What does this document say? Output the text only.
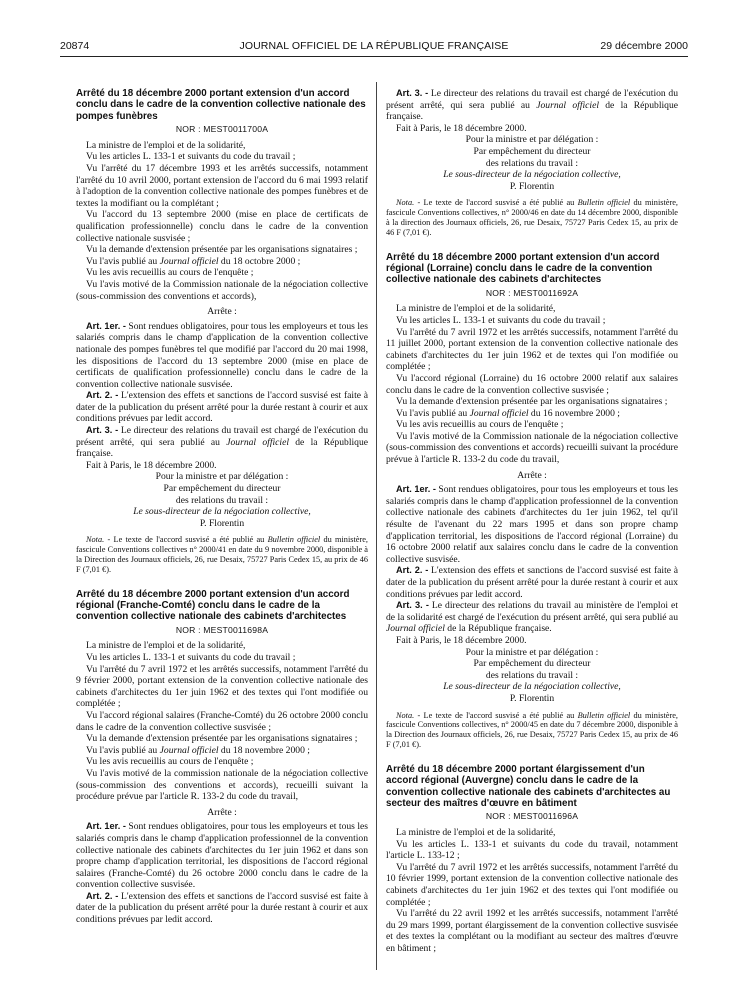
20874	JOURNAL OFFICIEL DE LA RÉPUBLIQUE FRANÇAISE	29 décembre 2000

Arrêté du 18 décembre 2000 portant extension d'un accord conclu dans le cadre de la convention collective nationale des pompes funèbres

NOR : MEST0011700A

La ministre de l'emploi et de la solidarité,

Vu les articles L. 133-1 et suivants du code du travail ;

Vu l'arrêté du 17 décembre 1993 et les arrêtés successifs, notamment l'arrêté du 10 avril 2000, portant extension de l'accord du 6 mai 1993 relatif à l'adoption de la convention collective nationale des pompes funèbres et de textes la modifiant ou la complétant ;

Vu l'accord du 13 septembre 2000 (mise en place de certificats de qualification professionnelle) conclu dans le cadre de la convention collective nationale susvisée ;

Vu la demande d'extension présentée par les organisations signataires ;

Vu l'avis publié au Journal officiel du 18 octobre 2000 ;

Vu les avis recueillis au cours de l'enquête ;

Vu l'avis motivé de la Commission nationale de la négociation collective (sous-commission des conventions et accords),

Arrête :

Art. 1er. - Sont rendues obligatoires, pour tous les employeurs et tous les salariés compris dans le champ d'application de la convention collective nationale des pompes funèbres tel que modifié par l'accord du 20 mai 1998, les dispositions de l'accord du 13 septembre 2000 (mise en place de certificats de qualification professionnelle) conclu dans le cadre de la convention collective nationale susvisée.

Art. 2. - L'extension des effets et sanctions de l'accord susvisé est faite à dater de la publication du présent arrêté pour la durée restant à courir et aux conditions prévues par ledit accord.

Art. 3. - Le directeur des relations du travail est chargé de l'exécution du présent arrêté, qui sera publié au Journal officiel de la République française.

Fait à Paris, le 18 décembre 2000.

Pour la ministre et par délégation :

Par empêchement du directeur

des relations du travail :

Le sous-directeur de la négociation collective,

P. Florentin

Nota. - Le texte de l'accord susvisé a été publié au Bulletin officiel du ministère, fascicule Conventions collectives n° 2000/41 en date du 9 novembre 2000, disponible à la Direction des Journaux officiels, 26, rue Desaix, 75727 Paris Cedex 15, au prix de 46 F (7,01 €).

Arrêté du 18 décembre 2000 portant extension d'un accord régional (Franche-Comté) conclu dans le cadre de la convention collective nationale des cabinets d'architectes

NOR : MEST0011698A

La ministre de l'emploi et de la solidarité,

Vu les articles L. 133-1 et suivants du code du travail ;

Vu l'arrêté du 7 avril 1972 et les arrêtés successifs, notamment l'arrêté du 9 février 2000, portant extension de la convention collective nationale des cabinets d'architectes du 1er juin 1962 et des textes qui l'ont modifiée ou complétée ;

Vu l'accord régional salaires (Franche-Comté) du 26 octobre 2000 conclu dans le cadre de la convention collective susvisée ;

Vu la demande d'extension présentée par les organisations signataires ;

Vu l'avis publié au Journal officiel du 18 novembre 2000 ;

Vu les avis recueillis au cours de l'enquête ;

Vu l'avis motivé de la commission nationale de la négociation collective (sous-commission des conventions et accords), recueilli suivant la procédure prévue par l'article R. 133-2 du code du travail,

Arrête :

Art. 1er. - Sont rendues obligatoires, pour tous les employeurs et tous les salariés compris dans le champ d'application professionnel de la convention collective nationale des cabinets d'architectes du 1er juin 1962 et dans son propre champ d'application territorial, les dispositions de l'accord régional salaires (Franche-Comté) du 26 octobre 2000 conclu dans le cadre de la convention collective susvisée.

Art. 2. - L'extension des effets et sanctions de l'accord susvisé est faite à dater de la publication du présent arrêté pour la durée restant à courir et aux conditions prévues par ledit accord.

Art. 3. - Le directeur des relations du travail est chargé de l'exécution du présent arrêté, qui sera publié au Journal officiel de la République française.

Fait à Paris, le 18 décembre 2000.

Pour la ministre et par délégation :

Par empêchement du directeur

des relations du travail :

Le sous-directeur de la négociation collective,

P. Florentin

Nota. - Le texte de l'accord susvisé a été publié au Bulletin officiel du ministère, fascicule Conventions collectives, n° 2000/46 en date du 14 décembre 2000, disponible à la direction des Journaux officiels, 26, rue Desaix, 75727 Paris Cedex 15, au prix de 46 F (7,01 €).

Arrêté du 18 décembre 2000 portant extension d'un accord régional (Lorraine) conclu dans le cadre de la convention collective nationale des cabinets d'architectes

NOR : MEST0011692A

La ministre de l'emploi et de la solidarité,

Vu les articles L. 133-1 et suivants du code du travail ;

Vu l'arrêté du 7 avril 1972 et les arrêtés successifs, notamment l'arrêté du 11 juillet 2000, portant extension de la convention collective nationale des cabinets d'architectes du 1er juin 1962 et de textes qui l'on modifiée ou complétée ;

Vu l'accord régional (Lorraine) du 16 octobre 2000 relatif aux salaires conclu dans le cadre de la convention collective susvisée ;

Vu la demande d'extension présentée par les organisations signataires ;

Vu l'avis publié au Journal officiel du 16 novembre 2000 ;

Vu les avis recueillis au cours de l'enquête ;

Vu l'avis motivé de la Commission nationale de la négociation collective (sous-commission des conventions et accords) recueilli suivant la procédure prévue à l'article R. 133-2 du code du travail,

Arrête :

Art. 1er. - Sont rendues obligatoires, pour tous les employeurs et tous les salariés compris dans le champ d'application professionnel de la convention collective nationale des cabinets d'architectes du 1er juin 1962, tel qu'il résulte de l'avenant du 22 mars 1995 et dans son propre champ d'application territorial, les dispositions de l'accord régional (Lorraine) du 16 octobre 2000 relatif aux salaires conclu dans le cadre de la convention collective susvisée.

Art. 2. - L'extension des effets et sanctions de l'accord susvisé est faite à dater de la publication du présent arrêté pour la durée restant à courir et aux conditions prévues par ledit accord.

Art. 3. - Le directeur des relations du travail au ministère de l'emploi et de la solidarité est chargé de l'exécution du présent arrêté, qui sera publié au Journal officiel de la République française.

Fait à Paris, le 18 décembre 2000.

Pour la ministre et par délégation :

Par empêchement du directeur

des relations du travail :

Le sous-directeur de la négociation collective,

P. Florentin

Nota. - Le texte de l'accord susvisé a été publié au Bulletin officiel du ministère, fascicule Conventions collectives, n° 2000/45 en date du 7 décembre 2000, disponible à la Direction des Journaux officiels, 26, rue Desaix, 75727 Paris Cedex 15, au prix de 46 F (7,01 €).

Arrêté du 18 décembre 2000 portant élargissement d'un accord régional (Auvergne) conclu dans le cadre de la convention collective nationale des cabinets d'architectes au secteur des maîtres d'œuvre en bâtiment

NOR : MEST0011696A

La ministre de l'emploi et de la solidarité,

Vu les articles L. 133-1 et suivants du code du travail, notamment l'article L. 133-12 ;

Vu l'arrêté du 7 avril 1972 et les arrêtés successifs, notamment l'arrêté du 10 février 1999, portant extension de la convention collective nationale des cabinets d'architectes du 1er juin 1962 et des textes qui l'ont modifiée ou complétée ;

Vu l'arrêté du 22 avril 1992 et les arrêtés successifs, notamment l'arrêté du 29 mars 1999, portant élargissement de la convention collective susvisée et des textes la complétant ou la modifiant au secteur des maîtres d'œuvre en bâtiment ;
